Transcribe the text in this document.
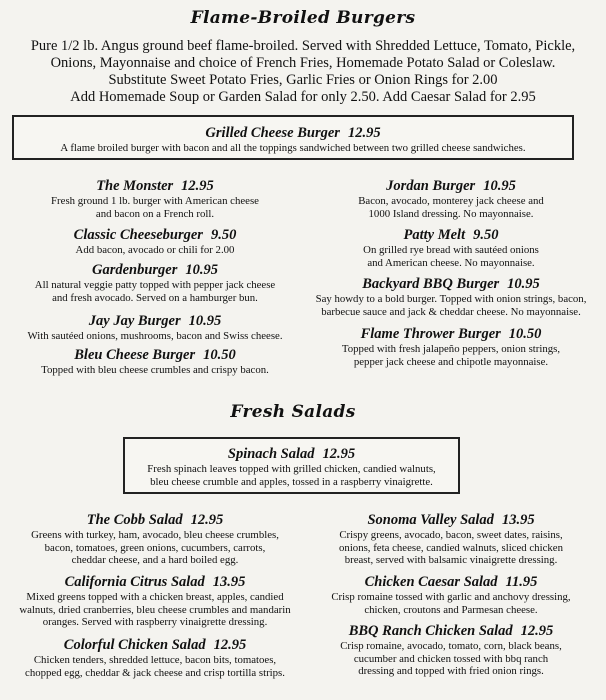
Flame-Broiled Burgers
Pure 1/2 lb. Angus ground beef flame-broiled. Served with Shredded Lettuce, Tomato, Pickle,
Onions, Mayonnaise and choice of French Fries, Homemade Potato Salad or Coleslaw.
Substitute Sweet Potato Fries, Garlic Fries or Onion Rings for 2.00
Add Homemade Soup or Garden Salad for only 2.50. Add Caesar Salad for 2.95
Grilled Cheese Burger 12.95
A flame broiled burger with bacon and all the toppings sandwiched between two grilled cheese sandwiches.
The Monster 12.95
Fresh ground 1 lb. burger with American cheese
and bacon on a French roll.
Classic Cheeseburger 9.50
Add bacon, avocado or chili for 2.00
Gardenburger 10.95
All natural veggie patty topped with pepper jack cheese
and fresh avocado. Served on a hamburger bun.
Jay Jay Burger 10.95
With sautéed onions, mushrooms, bacon and Swiss cheese.
Bleu Cheese Burger 10.50
Topped with bleu cheese crumbles and crispy bacon.
Jordan Burger 10.95
Bacon, avocado, monterey jack cheese and
1000 Island dressing. No mayonnaise.
Patty Melt 9.50
On grilled rye bread with sautéed onions
and American cheese. No mayonnaise.
Backyard BBQ Burger 10.95
Say howdy to a bold burger. Topped with onion strings, bacon,
barbecue sauce and jack & cheddar cheese. No mayonnaise.
Flame Thrower Burger 10.50
Topped with fresh jalapeño peppers, onion strings,
pepper jack cheese and chipotle mayonnaise.
Fresh Salads
Spinach Salad 12.95
Fresh spinach leaves topped with grilled chicken, candied walnuts,
bleu cheese crumble and apples, tossed in a raspberry vinaigrette.
The Cobb Salad 12.95
Greens with turkey, ham, avocado, bleu cheese crumbles,
bacon, tomatoes, green onions, cucumbers, carrots,
cheddar cheese, and a hard boiled egg.
California Citrus Salad 13.95
Mixed greens topped with a chicken breast, apples, candied
walnuts, dried cranberries, bleu cheese crumbles and mandarin
oranges. Served with raspberry vinaigrette dressing.
Colorful Chicken Salad 12.95
Chicken tenders, shredded lettuce, bacon bits, tomatoes,
chopped egg, cheddar & jack cheese and crisp tortilla strips.
Sonoma Valley Salad 13.95
Crispy greens, avocado, bacon, sweet dates, raisins,
onions, feta cheese, candied walnuts, sliced chicken
breast, served with balsamic vinaigrette dressing.
Chicken Caesar Salad 11.95
Crisp romaine tossed with garlic and anchovy dressing,
chicken, croutons and Parmesan cheese.
BBQ Ranch Chicken Salad 12.95
Crisp romaine, avocado, tomato, corn, black beans,
cucumber and chicken tossed with bbq ranch
dressing and topped with fried onion rings.
